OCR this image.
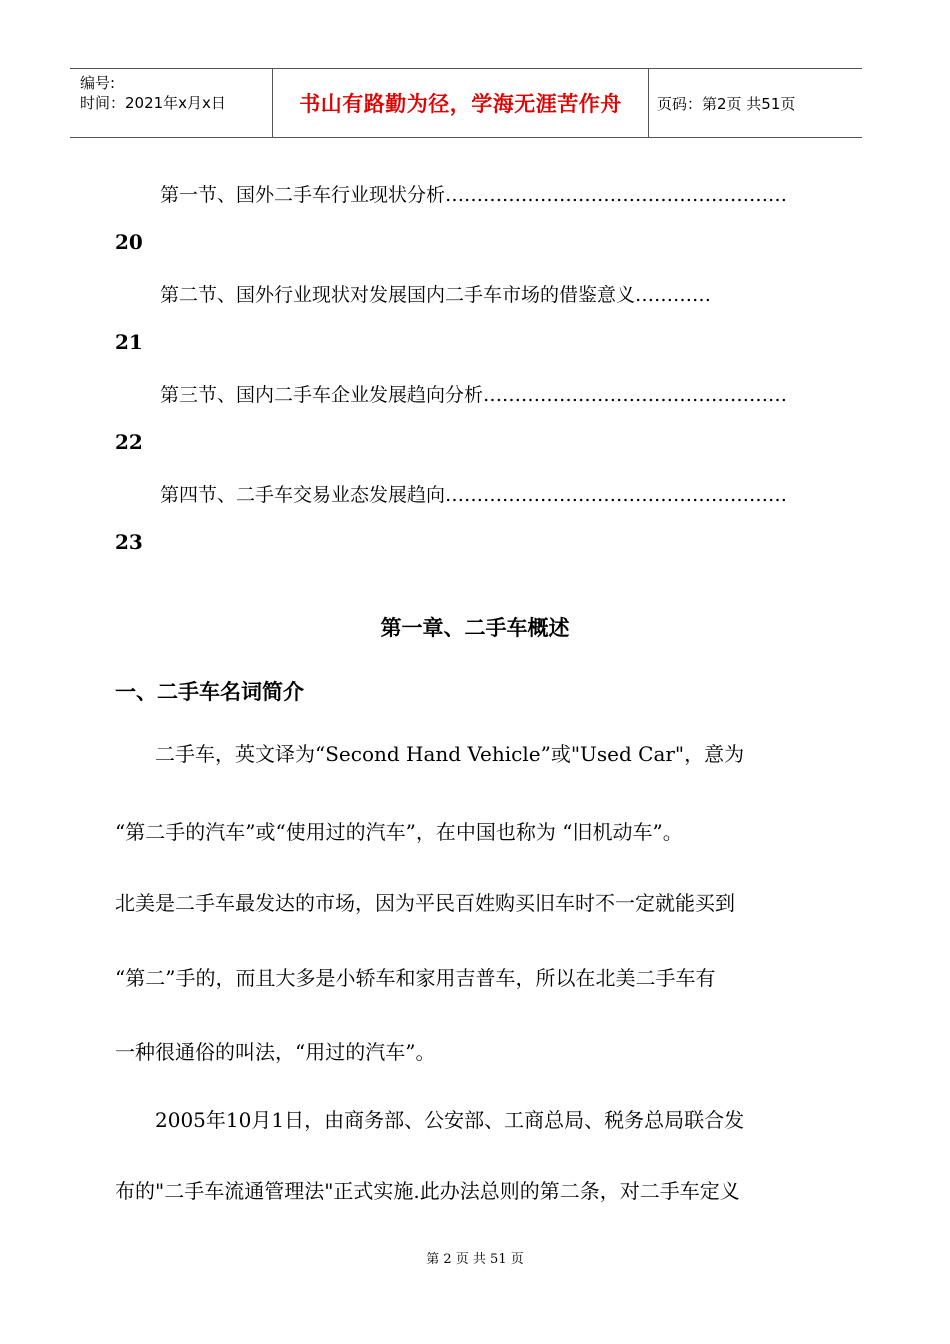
编号:
时间：2021年x月x日	书山有路勤为径，学海无涯苦作舟	页码：第2页 共51页
第一节、国外二手车行业现状分析………………………………………………
20
第二节、国外行业现状对发展国内二手车市场的借鉴意义…………
21
第三节、国内二手车企业发展趋向分析…………………………………………
22
第四节、二手车交易业态发展趋向………………………………………………
23
第一章、二手车概述
一、二手车名词简介
　　二手车，英文译为“Second Hand Vehicle”或"Used Car"，意为
“第二手的汽车”或“使用过的汽车”，在中国也称为 “旧机动车”。
北美是二手车最发达的市场，因为平民百姓购买旧车时不一定就能买到
“第二”手的，而且大多是小轿车和家用吉普车，所以在北美二手车有
一种很通俗的叫法，“用过的汽车”。
　　2005年10月1日，由商务部、公安部、工商总局、税务总局联合发
布的"二手车流通管理法"正式实施.此办法总则的第二条，对二手车定义
第 2 页 共 51 页
